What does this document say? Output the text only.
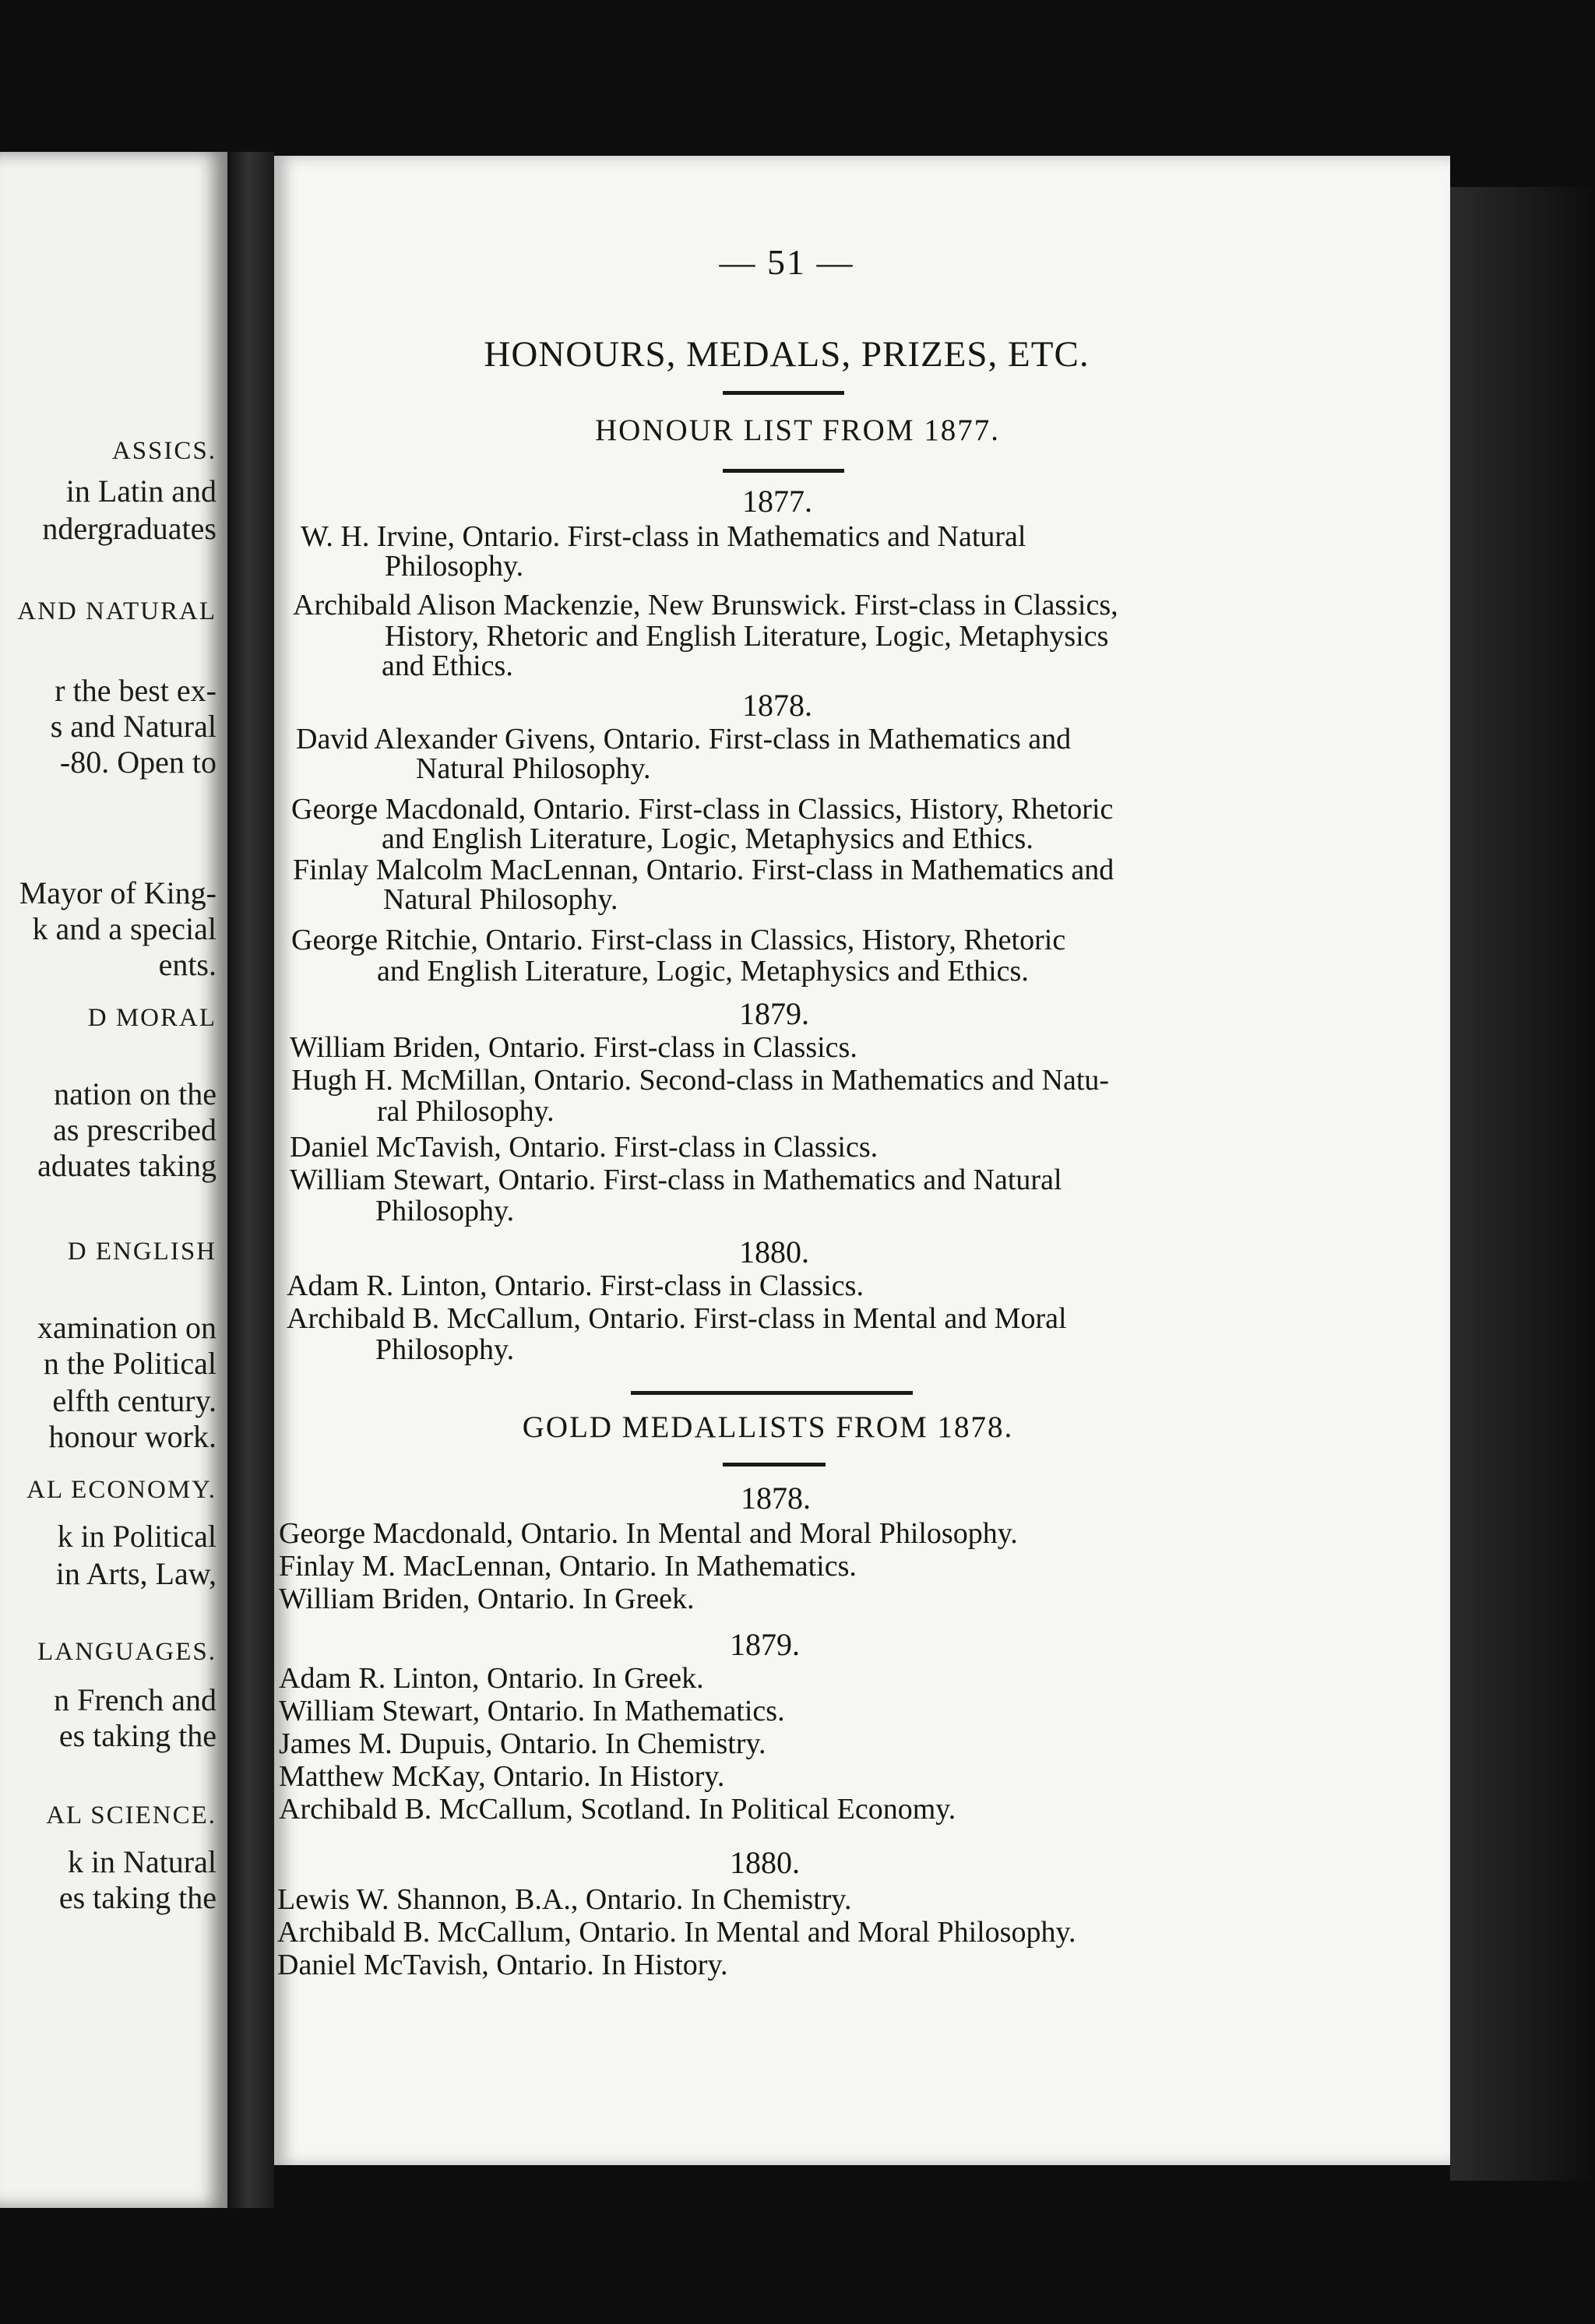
ASSICS.
in Latin and
ndergraduates
AND NATURAL
r the best ex-
s and Natural
-80. Open to
Mayor of King-
k and a special
ents.
D MORAL
nation on the
as prescribed
aduates taking
D ENGLISH
xamination on
n the Political
elfth century.
honour work.
AL ECONOMY.
k in Political
in Arts, Law,
LANGUAGES.
n French and
es taking the
AL SCIENCE.
k in Natural
es taking the
— 51 —
HONOURS, MEDALS, PRIZES, ETC.
HONOUR LIST FROM 1877.
1877.
W. H. Irvine, Ontario. First-class in Mathematics and Natural
Philosophy.
Archibald Alison Mackenzie, New Brunswick. First-class in Classics,
History, Rhetoric and English Literature, Logic, Metaphysics
and Ethics.
1878.
David Alexander Givens, Ontario. First-class in Mathematics and
Natural Philosophy.
George Macdonald, Ontario. First-class in Classics, History, Rhetoric
and English Literature, Logic, Metaphysics and Ethics.
Finlay Malcolm MacLennan, Ontario. First-class in Mathematics and
Natural Philosophy.
George Ritchie, Ontario. First-class in Classics, History, Rhetoric
and English Literature, Logic, Metaphysics and Ethics.
1879.
William Briden, Ontario. First-class in Classics.
Hugh H. McMillan, Ontario. Second-class in Mathematics and Natu-
ral Philosophy.
Daniel McTavish, Ontario. First-class in Classics.
William Stewart, Ontario. First-class in Mathematics and Natural
Philosophy.
1880.
Adam R. Linton, Ontario. First-class in Classics.
Archibald B. McCallum, Ontario. First-class in Mental and Moral
Philosophy.
GOLD MEDALLISTS FROM 1878.
1878.
George Macdonald, Ontario. In Mental and Moral Philosophy.
Finlay M. MacLennan, Ontario. In Mathematics.
William Briden, Ontario. In Greek.
1879.
Adam R. Linton, Ontario. In Greek.
William Stewart, Ontario. In Mathematics.
James M. Dupuis, Ontario. In Chemistry.
Matthew McKay, Ontario. In History.
Archibald B. McCallum, Scotland. In Political Economy.
1880.
Lewis W. Shannon, B.A., Ontario. In Chemistry.
Archibald B. McCallum, Ontario. In Mental and Moral Philosophy.
Daniel McTavish, Ontario. In History.
